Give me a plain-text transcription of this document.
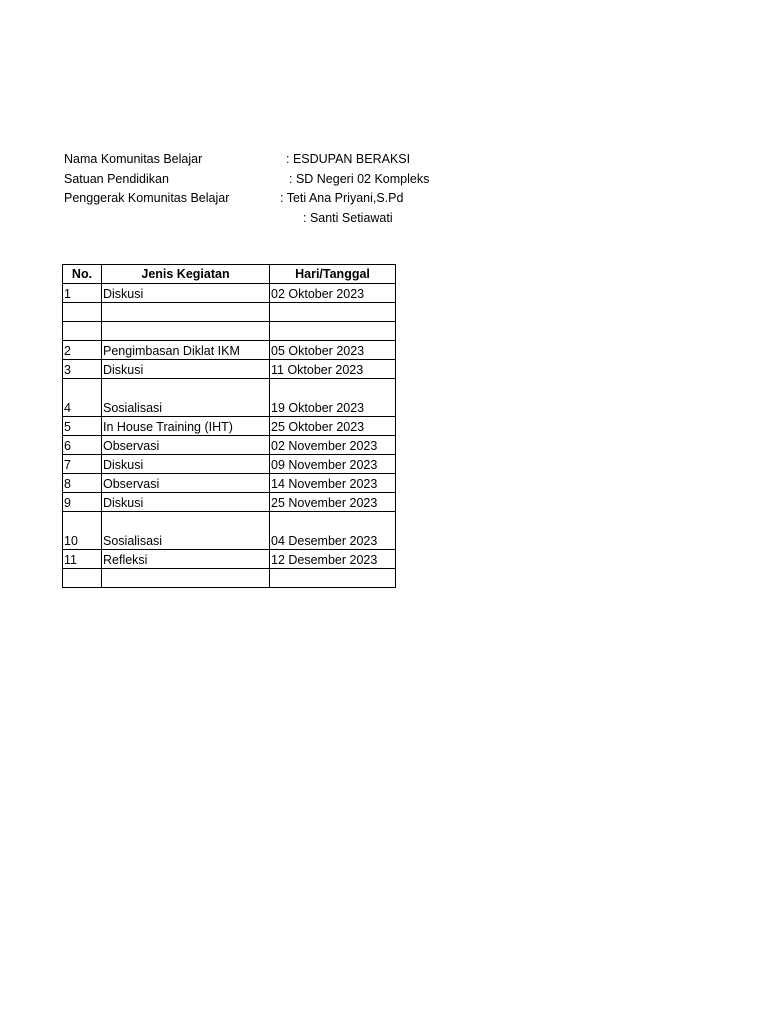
Nama Komunitas Belajar	: ESDUPAN BERAKSI
Satuan Pendidikan	: SD Negeri 02 Kompleks
Penggerak Komunitas Belajar	: Teti Ana Priyani,S.Pd
: Santi Setiawati
No.	Jenis Kegiatan	Hari/Tanggal
1	Diskusi	02 Oktober 2023

2	Pengimbasan Diklat IKM	05 Oktober 2023
3	Diskusi	11 Oktober 2023
4	Sosialisasi	19 Oktober 2023
5	In House Training (IHT)	25 Oktober 2023
6	Observasi	02 November 2023
7	Diskusi	09 November 2023
8	Observasi	14 November 2023
9	Diskusi	25 November 2023
10	Sosialisasi	04 Desember 2023
11	Refleksi	12 Desember 2023
